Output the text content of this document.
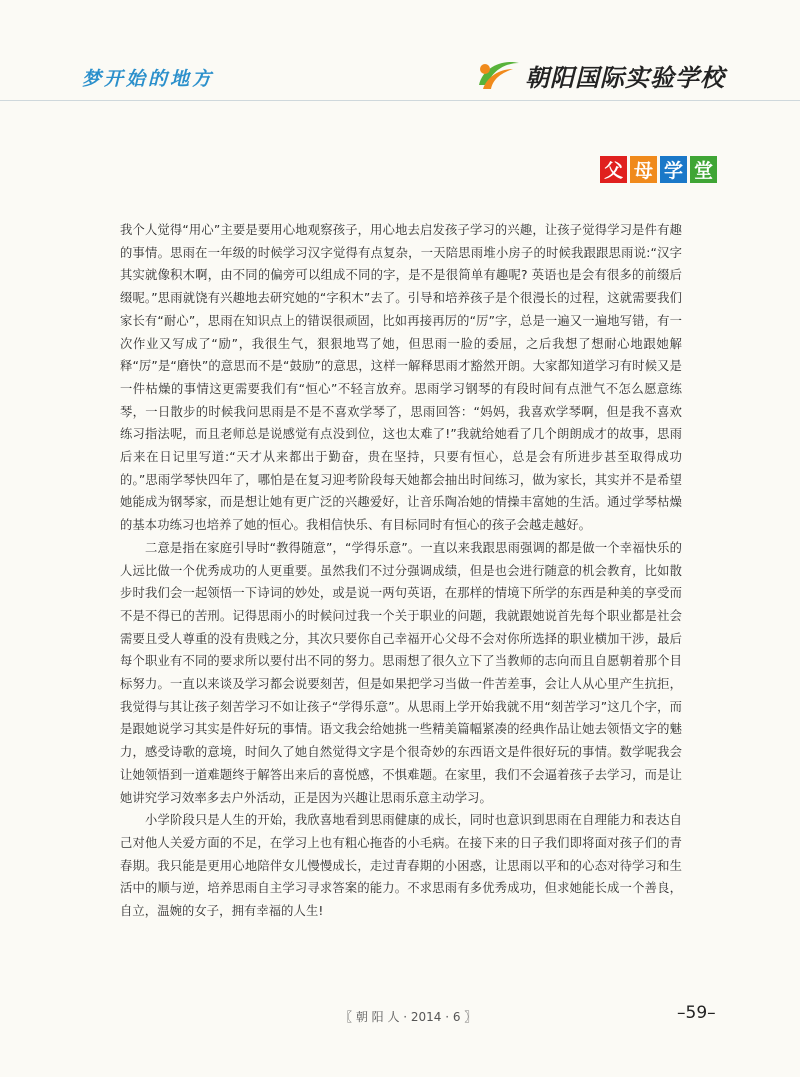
梦开始的地方	朝阳国际实验学校
父 母 学 堂

我个人觉得“用心”主要是要用心地观察孩子，用心地去启发孩子学习的兴趣，让孩子觉得学习是件有趣的事情。思雨在一年级的时候学习汉字觉得有点复杂，一天陪思雨堆小房子的时候我跟跟思雨说:“汉字其实就像积木啊，由不同的偏旁可以组成不同的字，是不是很简单有趣呢? 英语也是会有很多的前缀后缀呢。”思雨就饶有兴趣地去研究她的“字积木”去了。引导和培养孩子是个很漫长的过程，这就需要我们家长有“耐心”，思雨在知识点上的错误很顽固，比如再接再厉的“厉”字，总是一遍又一遍地写错，有一次作业又写成了“励”，我很生气，狠狠地骂了她，但思雨一脸的委屈，之后我想了想耐心地跟她解释“厉”是“磨快”的意思而不是“鼓励”的意思，这样一解释思雨才豁然开朗。大家都知道学习有时候又是一件枯燥的事情这更需要我们有“恒心”不轻言放弃。思雨学习钢琴的有段时间有点泄气不怎么愿意练琴，一日散步的时候我问思雨是不是不喜欢学琴了，思雨回答：“妈妈，我喜欢学琴啊，但是我不喜欢练习指法呢，而且老师总是说感觉有点没到位，这也太难了!”我就给她看了几个朗朗成才的故事，思雨后来在日记里写道:“天才从来都出于勤奋，贵在坚持，只要有恒心，总是会有所进步甚至取得成功的。”思雨学琴快四年了，哪怕是在复习迎考阶段每天她都会抽出时间练习，做为家长，其实并不是希望她能成为钢琴家，而是想让她有更广泛的兴趣爱好，让音乐陶冶她的情操丰富她的生活。通过学琴枯燥的基本功练习也培养了她的恒心。我相信快乐、有目标同时有恒心的孩子会越走越好。

二意是指在家庭引导时“教得随意”，“学得乐意”。一直以来我跟思雨强调的都是做一个幸福快乐的人远比做一个优秀成功的人更重要。虽然我们不过分强调成绩，但是也会进行随意的机会教育，比如散步时我们会一起领悟一下诗词的妙处，或是说一两句英语，在那样的情境下所学的东西是种美的享受而不是不得已的苦刑。记得思雨小的时候问过我一个关于职业的问题，我就跟她说首先每个职业都是社会需要且受人尊重的没有贵贱之分，其次只要你自己幸福开心父母不会对你所选择的职业横加干涉，最后每个职业有不同的要求所以要付出不同的努力。思雨想了很久立下了当教师的志向而且自愿朝着那个目标努力。一直以来谈及学习都会说要刻苦，但是如果把学习当做一件苦差事，会让人从心里产生抗拒，我觉得与其让孩子刻苦学习不如让孩子“学得乐意”。从思雨上学开始我就不用“刻苦学习”这几个字，而是跟她说学习其实是件好玩的事情。语文我会给她挑一些精美篇幅紧凑的经典作品让她去领悟文字的魅力，感受诗歌的意境，时间久了她自然觉得文字是个很奇妙的东西语文是件很好玩的事情。数学呢我会让她领悟到一道难题终于解答出来后的喜悦感，不惧难题。在家里，我们不会逼着孩子去学习，而是让她讲究学习效率多去户外活动，正是因为兴趣让思雨乐意主动学习。

小学阶段只是人生的开始，我欣喜地看到思雨健康的成长，同时也意识到思雨在自理能力和表达自己对他人关爱方面的不足，在学习上也有粗心拖沓的小毛病。在接下来的日子我们即将面对孩子们的青春期。我只能是更用心地陪伴女儿慢慢成长，走过青春期的小困惑，让思雨以平和的心态对待学习和生活中的顺与逆，培养思雨自主学习寻求答案的能力。不求思雨有多优秀成功，但求她能长成一个善良，自立，温婉的女子，拥有幸福的人生!

〖 朝 阳 人 · 2014 · 6 〗	–59–
